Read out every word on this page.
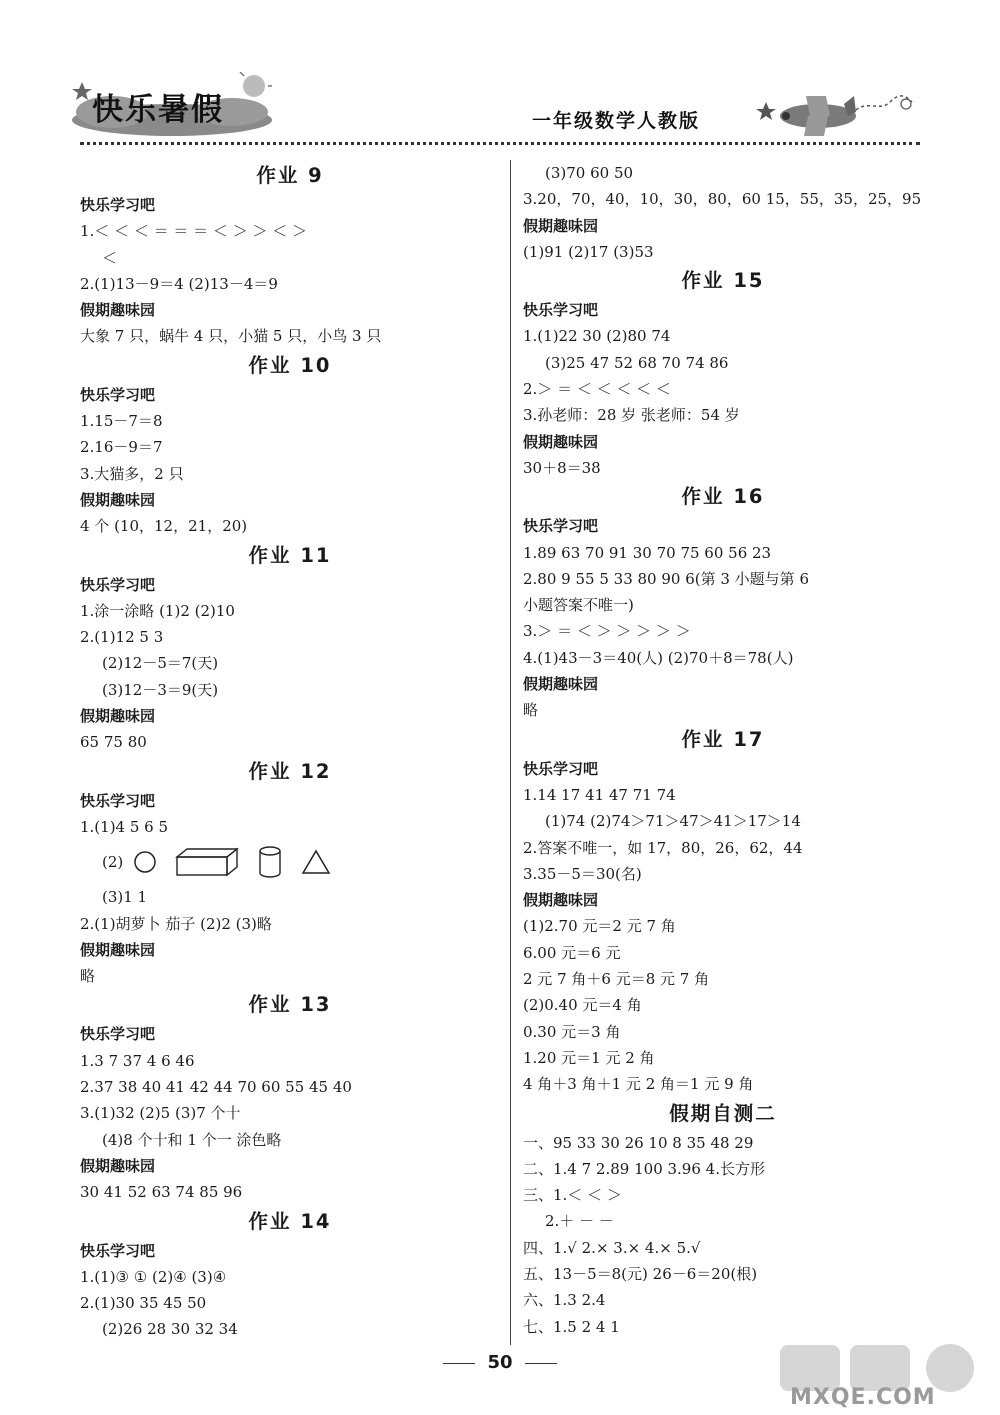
快乐暑假	一年级数学人教版
作业 9
快乐学习吧
1.＜ ＜ ＜ ＝ ＝ ＝ ＜ ＞ ＞ ＜ ＞
＜
2.(1)13－9＝4 (2)13－4＝9
假期趣味园
大象 7 只，蜗牛 4 只，小猫 5 只，小鸟 3 只
作业 10
快乐学习吧
1.15－7＝8
2.16－9＝7
3.大猫多，2 只
假期趣味园
4 个 (10，12，21，20)
作业 11
快乐学习吧
1.涂一涂略 (1)2 (2)10
2.(1)12 5 3
(2)12－5＝7(天)
(3)12－3＝9(天)
假期趣味园
65 75 80
作业 12
快乐学习吧
1.(1)4 5 6 5
(2)
(3)1 1
2.(1)胡萝卜 茄子 (2)2 (3)略
假期趣味园
略
作业 13
快乐学习吧
1.3 7 37 4 6 46
2.37 38 40 41 42 44 70 60 55 45 40
3.(1)32 (2)5 (3)7 个十
(4)8 个十和 1 个一 涂色略
假期趣味园
30 41 52 63 74 85 96
作业 14
快乐学习吧
1.(1)③ ① (2)④ (3)④
2.(1)30 35 45 50
(2)26 28 30 32 34
(3)70 60 50
3.20，70，40，10，30，80，60 15，55，35，25，95
假期趣味园
(1)91 (2)17 (3)53
作业 15
快乐学习吧
1.(1)22 30 (2)80 74
(3)25 47 52 68 70 74 86
2.＞ ＝ ＜ ＜ ＜ ＜ ＜
3.孙老师：28 岁 张老师：54 岁
假期趣味园
30＋8＝38
作业 16
快乐学习吧
1.89 63 70 91 30 70 75 60 56 23
2.80 9 55 5 33 80 90 6(第 3 小题与第 6
小题答案不唯一)
3.＞ ＝ ＜ ＞ ＞ ＞ ＞ ＞
4.(1)43－3＝40(人) (2)70＋8＝78(人)
假期趣味园
略
作业 17
快乐学习吧
1.14 17 41 47 71 74
(1)74 (2)74＞71＞47＞41＞17＞14
2.答案不唯一，如 17，80，26，62，44
3.35－5＝30(名)
假期趣味园
(1)2.70 元＝2 元 7 角
6.00 元＝6 元
2 元 7 角＋6 元＝8 元 7 角
(2)0.40 元＝4 角
0.30 元＝3 角
1.20 元＝1 元 2 角
4 角＋3 角＋1 元 2 角＝1 元 9 角
假期自测二
一、95 33 30 26 10 8 35 48 29
二、1.4 7 2.89 100 3.96 4.长方形
三、1.＜ ＜ ＞
2.＋ － －
四、1.√ 2.× 3.× 4.× 5.√
五、13－5＝8(元) 26－6＝20(根)
六、1.3 2.4
七、1.5 2 4 1
50
MXQE.COM
